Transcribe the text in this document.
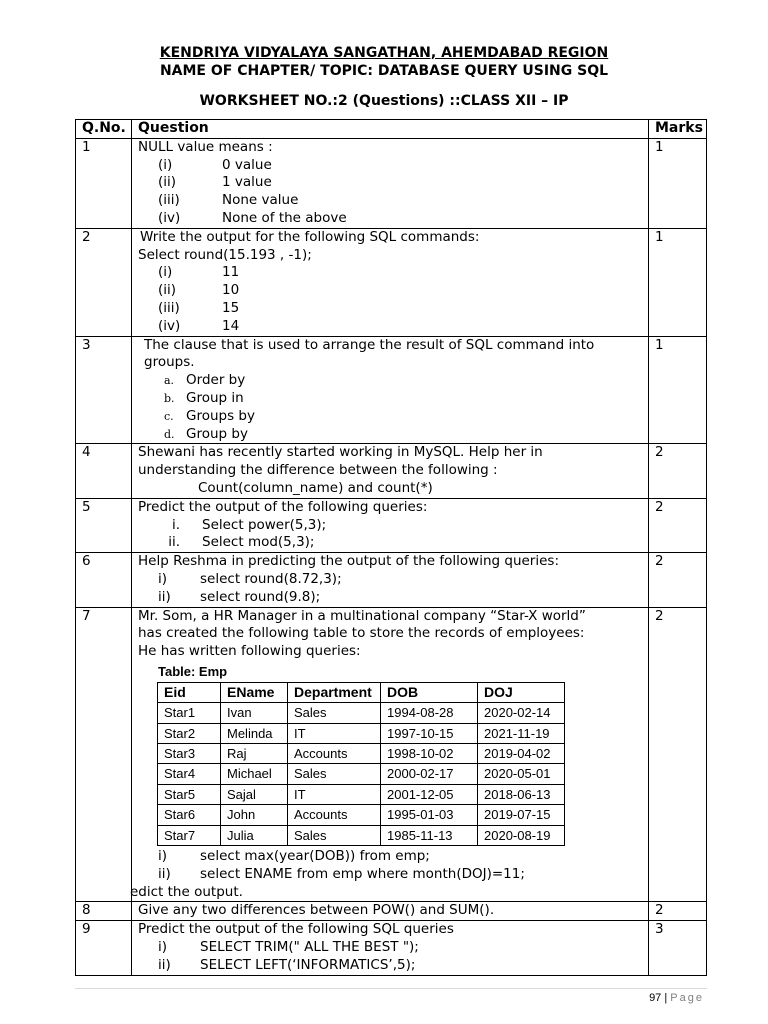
KENDRIYA VIDYALAYA SANGATHAN, AHEMDABAD REGION
NAME OF CHAPTER/ TOPIC: DATABASE QUERY USING SQL
WORKSHEET NO.:2 (Questions) ::CLASS XII – IP
Q.No.	Question	Marks
1	NULL value means :
(i)	0 value
(ii)	1 value
(iii)	None value
(iv)	None of the above
	1
2	Write the output for the following SQL commands:
Select round(15.193 , -1);
(i)	11
(ii)	10
(iii)	15
(iv)	14
	1
3	The clause that is used to arrange the result of SQL command into groups.
a. Order by
b. Group in
c. Groups by
d. Group by
	1
4	Shewani has recently started working in MySQL. Help her in
understanding the difference between the following :
Count(column_name) and count(*)
	2
5	Predict the output of the following queries:
i.	Select power(5,3);
ii.	Select mod(5,3);
	2
6	Help Reshma in predicting the output of the following queries:
i)	select round(8.72,3);
ii)	select round(9.8);
	2
7	Mr. Som, a HR Manager in a multinational company “Star-X world”
has created the following table to store the records of employees:
He has written following queries:
Table: Emp
Eid	EName	Department	DOB	DOJ
Star1	Ivan	Sales	1994-08-28	2020-02-14
Star2	Melinda	IT	1997-10-15	2021-11-19
Star3	Raj	Accounts	1998-10-02	2019-04-02
Star4	Michael	Sales	2000-02-17	2020-05-01
Star5	Sajal	IT	2001-12-05	2018-06-13
Star6	John	Accounts	1995-01-03	2019-07-15
Star7	Julia	Sales	1985-11-13	2020-08-19
i)	select max(year(DOB)) from emp;
ii)	select ENAME from emp where month(DOJ)=11;
edict the output.
	2
8	Give any two differences between POW() and SUM().	2
9	Predict the output of the following SQL queries
i)	SELECT TRIM(" ALL THE BEST ");
ii)	SELECT LEFT(‘INFORMATICS’,5);
	3
97 | Page
